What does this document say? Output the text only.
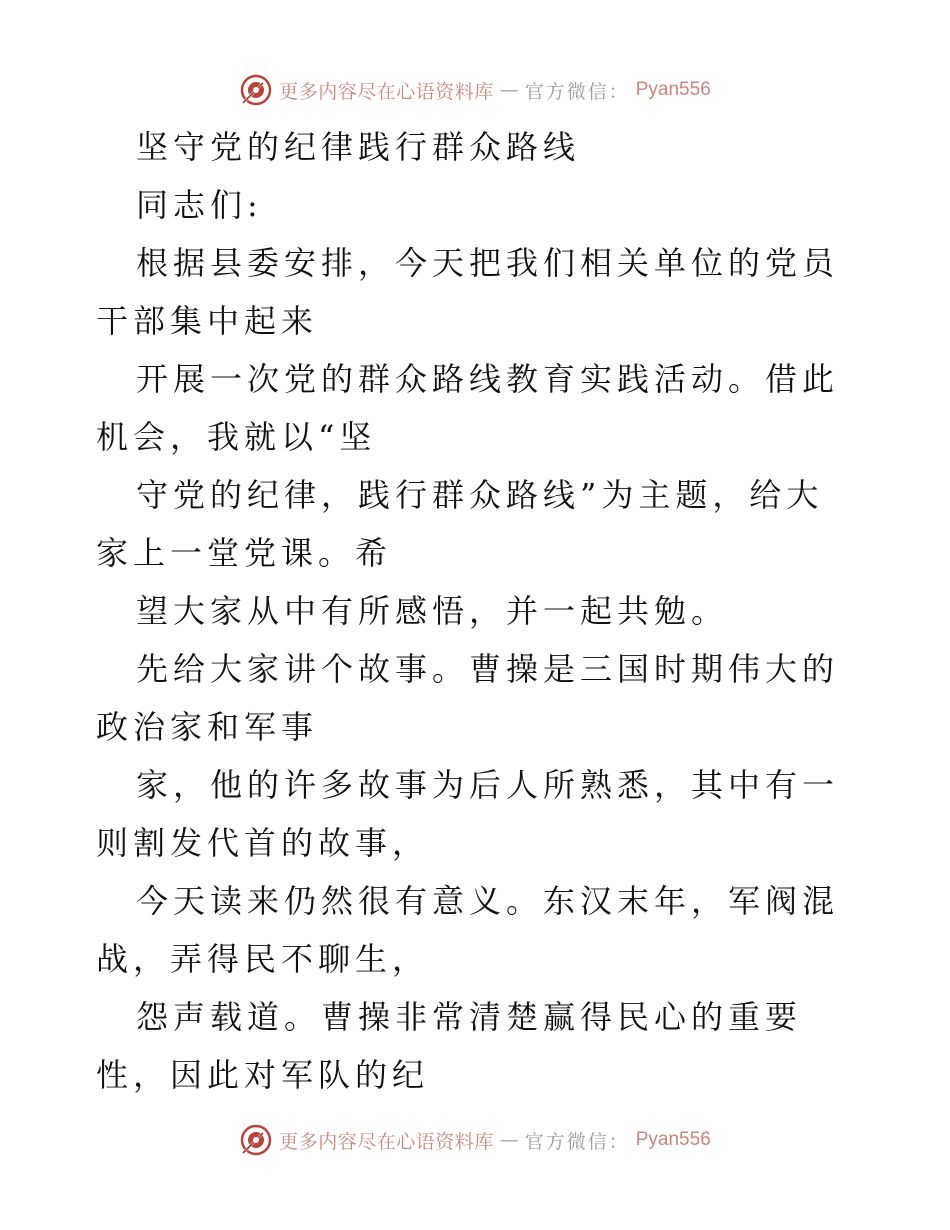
更多内容尽在心语资料库 — 官方微信： Pyan556

坚守党的纪律践行群众路线

同志们:

根据县委安排，今天把我们相关单位的党员干部集中起来

开展一次党的群众路线教育实践活动。借此机会，我就以“坚

守党的纪律，践行群众路线”为主题，给大家上一堂党课。希

望大家从中有所感悟，并一起共勉。

先给大家讲个故事。曹操是三国时期伟大的政治家和军事

家，他的许多故事为后人所熟悉，其中有一则割发代首的故事，

今天读来仍然很有意义。东汉末年，军阀混战，弄得民不聊生，

怨声载道。曹操非常清楚赢得民心的重要性，因此对军队的纪

更多内容尽在心语资料库 — 官方微信： Pyan556
